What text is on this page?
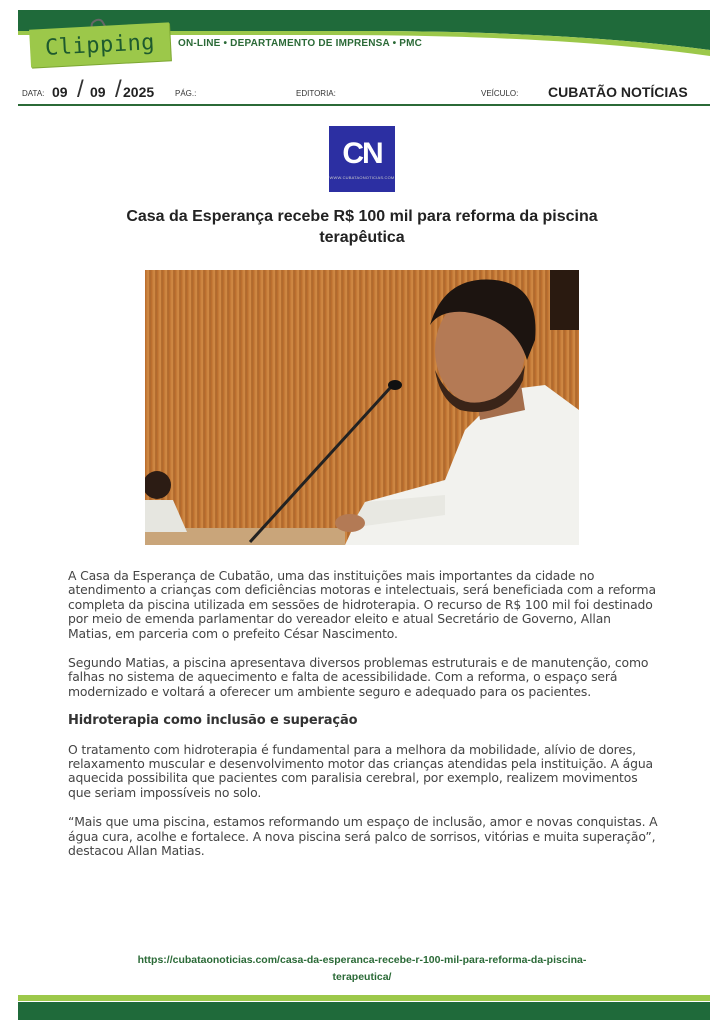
Clipping ON-LINE • DEPARTAMENTO DE IMPRENSA • PMC
DATA: 09 / 09 / 2025	PÁG.:	EDITORIA:	VEÍCULO: CUBATÃO NOTÍCIAS
CN
WWW.CUBATAONOTICIAS.COM
Casa da Esperança recebe R$ 100 mil para reforma da piscina terapêutica

A Casa da Esperança de Cubatão, uma das instituições mais importantes da cidade no atendimento a crianças com deficiências motoras e intelectuais, será beneficiada com a reforma completa da piscina utilizada em sessões de hidroterapia. O recurso de R$ 100 mil foi destinado por meio de emenda parlamentar do vereador eleito e atual Secretário de Governo, Allan Matias, em parceria com o prefeito César Nascimento.

Segundo Matias, a piscina apresentava diversos problemas estruturais e de manutenção, como falhas no sistema de aquecimento e falta de acessibilidade. Com a reforma, o espaço será modernizado e voltará a oferecer um ambiente seguro e adequado para os pacientes.

Hidroterapia como inclusão e superação

O tratamento com hidroterapia é fundamental para a melhora da mobilidade, alívio de dores, relaxamento muscular e desenvolvimento motor das crianças atendidas pela instituição. A água aquecida possibilita que pacientes com paralisia cerebral, por exemplo, realizem movimentos que seriam impossíveis no solo.

“Mais que uma piscina, estamos reformando um espaço de inclusão, amor e novas conquistas. A água cura, acolhe e fortalece. A nova piscina será palco de sorrisos, vitórias e muita superação”, destacou Allan Matias.

https://cubataonoticias.com/casa-da-esperanca-recebe-r-100-mil-para-reforma-da-piscina-
terapeutica/
